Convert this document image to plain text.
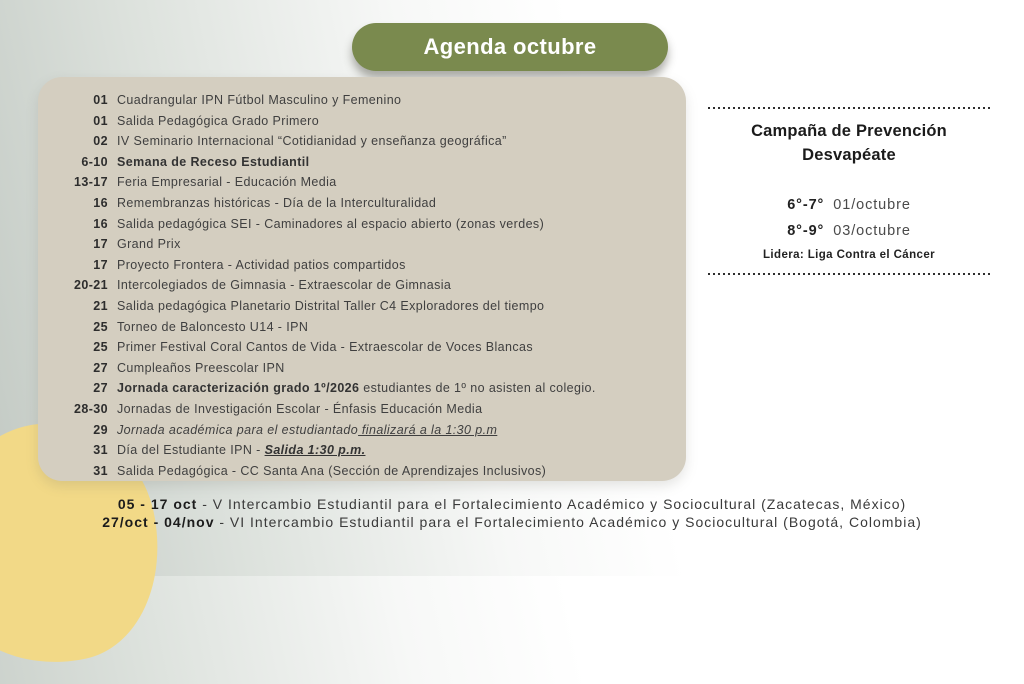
Agenda octubre
01 Cuadrangular IPN Fútbol Masculino y Femenino
01 Salida Pedagógica Grado Primero
02 IV Seminario Internacional “Cotidianidad y enseñanza geográfica”
6-10 Semana de Receso Estudiantil
13-17 Feria Empresarial - Educación Media
16 Remembranzas históricas - Día de la Interculturalidad
16 Salida pedagógica SEI - Caminadores al espacio abierto (zonas verdes)
17 Grand Prix
17 Proyecto Frontera - Actividad patios compartidos
20-21 Intercolegiados de Gimnasia - Extraescolar de Gimnasia
21 Salida pedagógica Planetario Distrital Taller C4 Exploradores del tiempo
25 Torneo de Baloncesto U14 - IPN
25 Primer Festival Coral Cantos de Vida - Extraescolar de Voces Blancas
27 Cumpleaños Preescolar IPN
27 Jornada caracterización grado 1º/2026 estudiantes de 1º no asisten al colegio.
28-30 Jornadas de Investigación Escolar - Énfasis Educación Media
29 Jornada académica para el estudiantado finalizará a la 1:30 p.m
31 Día del Estudiante IPN - Salida 1:30 p.m.
31 Salida Pedagógica - CC Santa Ana (Sección de Aprendizajes Inclusivos)
Campaña de Prevención
Desvapéate
6°-7° 01/octubre
8°-9° 03/octubre
Lidera: Liga Contra el Cáncer
05 - 17 oct - V Intercambio Estudiantil para el Fortalecimiento Académico y Sociocultural (Zacatecas, México)
27/oct - 04/nov - VI Intercambio Estudiantil para el Fortalecimiento Académico y Sociocultural (Bogotá, Colombia)
